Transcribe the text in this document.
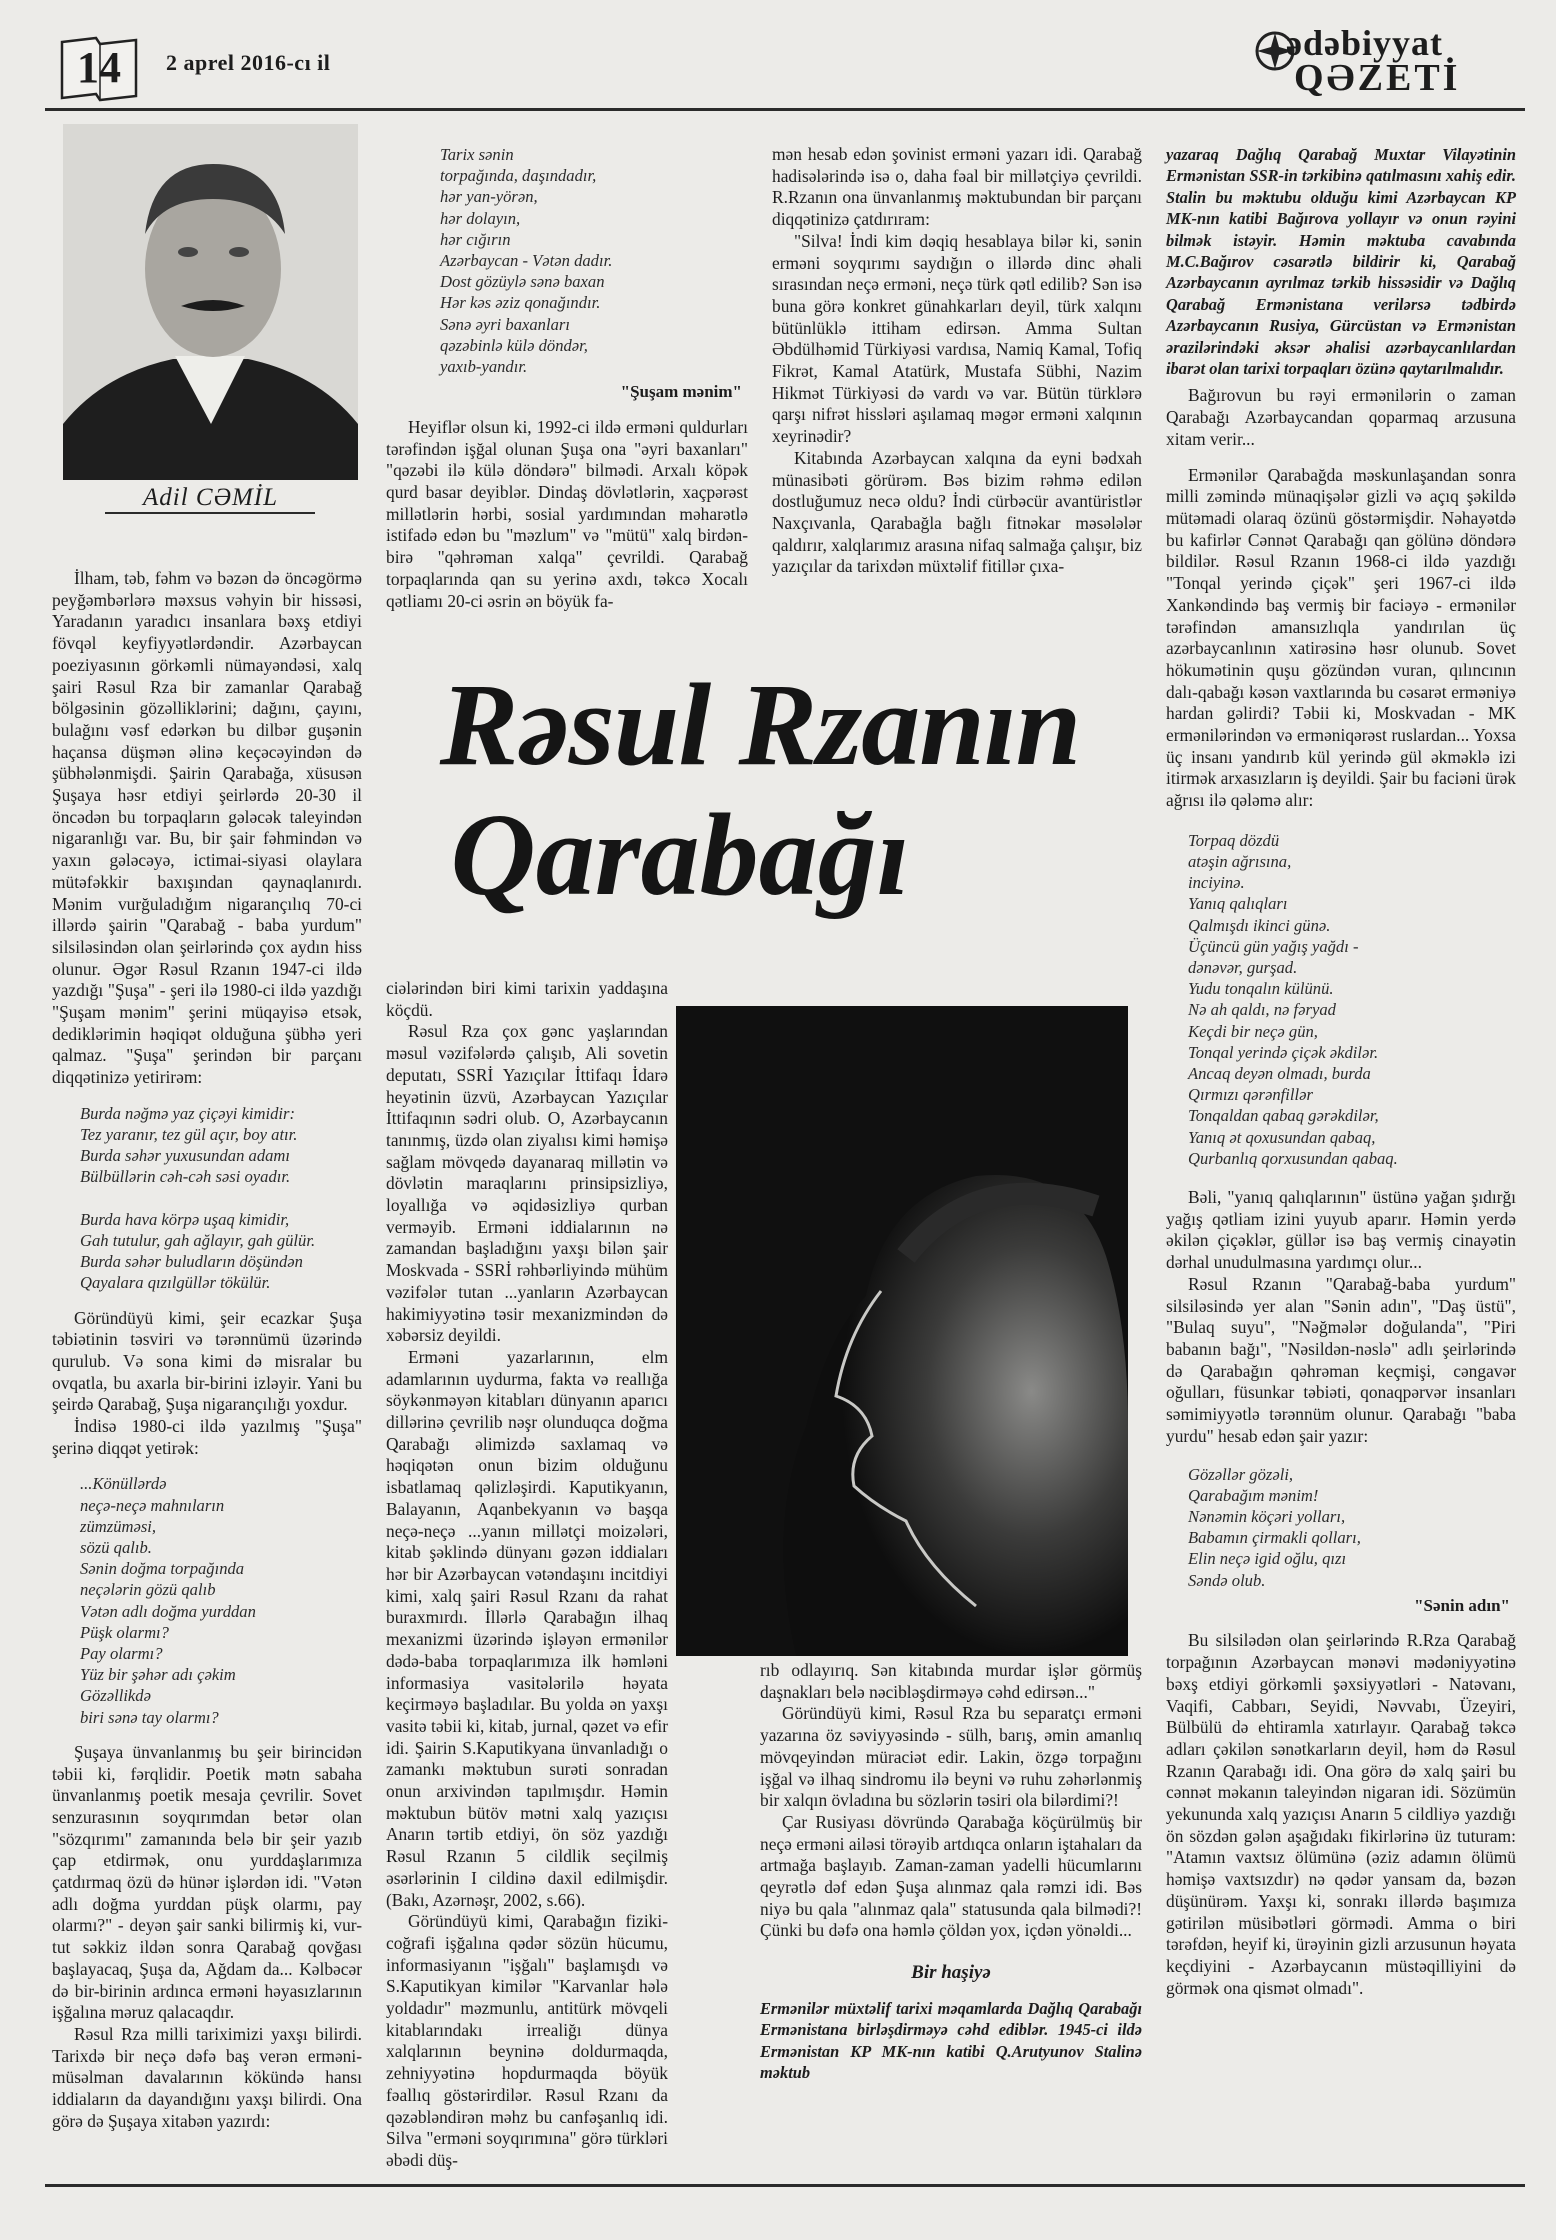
14	2 aprel 2016-cı il	ədəbiyyat
QƏZETİ
Adil CƏMİL
Rəsul Rzanın
Qarabağı

İlham, təb, fəhm və bəzən də öncəgörmə peyğəmbərlərə məxsus vəhyin bir hissəsi, Yaradanın yaradıcı insanlara bəxş etdiyi fövqəl keyfiyyətlərdəndir. Azərbaycan poeziyasının görkəmli nümayəndəsi, xalq şairi Rəsul Rza bir zamanlar Qarabağ bölgəsinin gözəlliklərini; dağını, çayını, bulağını vəsf edərkən bu dilbər guşənin haçansa düşmən əlinə keçəcəyindən də şübhələnmişdi. Şairin Qarabağa, xüsusən Şuşaya həsr etdiyi şeirlərdə 20-30 il öncədən bu torpaqların gələcək taleyindən nigaranlığı var. Bu, bir şair fəhmindən və yaxın gələcəyə, ictimai-siyasi olaylara mütəfəkkir baxışından qaynaqlanırdı. Mənim vurğuladığım nigarançılıq 70-ci illərdə şairin "Qarabağ - baba yurdum" silsiləsindən olan şeirlərində çox aydın hiss olunur. Əgər Rəsul Rzanın 1947-ci ildə yazdığı "Şuşa" - şeri ilə 1980-ci ildə yazdığı "Şuşam mənim" şerini müqayisə etsək, dediklərimin həqiqət olduğuna şübhə yeri qalmaz. "Şuşa" şerindən bir parçanı diqqətinizə yetirirəm:

Burda nəğmə yaz çiçəyi kimidir:
Tez yaranır, tez gül açır, boy atır.
Burda səhər yuxusundan adamı
Bülbüllərin cəh-cəh səsi oyadır.
Burda hava körpə uşaq kimidir,
Gah tutulur, gah ağlayır, gah gülür.
Burda səhər buludların döşündən
Qayalara qızılgüllər tökülür.

Göründüyü kimi, şeir ecazkar Şuşa təbiətinin təsviri və tərənnümü üzərində qurulub. Və sona kimi də misralar bu ovqatla, bu axarla bir-birini izləyir. Yani bu şeirdə Qarabağ, Şuşa nigarançılığı yoxdur.

İndisə 1980-ci ildə yazılmış "Şuşa" şerinə diqqət yetirək:

...Könüllərdə
neçə-neçə mahnıların
zümzüməsi,
sözü qalıb.
Sənin doğma torpağında
neçələrin gözü qalıb
Vətən adlı doğma yurddan
Püşk olarmı?
Pay olarmı?
Yüz bir şəhər adı çəkim
Gözəllikdə
biri sənə tay olarmı?

Şuşaya ünvanlanmış bu şeir birincidən təbii ki, fərqlidir. Poetik mətn sabaha ünvanlanmış poetik mesaja çevrilir. Sovet senzurasının soyqırımdan betər olan "sözqırımı" zamanında belə bir şeir yazıb çap etdirmək, onu yurddaşlarımıza çatdırmaq özü də hünər işlərdən idi. "Vətən adlı doğma yurddan püşk olarmı, pay olarmı?" - deyən şair sanki bilirmiş ki, vur-tut səkkiz ildən sonra Qarabağ qovğası başlayacaq, Şuşa da, Ağdam da... Kəlbəcər də bir-birinin ardınca erməni həyasızlarının işğalına məruz qalacaqdır.

Rəsul Rza milli tariximizi yaxşı bilirdi. Tarixdə bir neçə dəfə baş verən erməni-müsəlman davalarının kökündə hansı iddiaların da dayandığını yaxşı bilirdi. Ona görə də Şuşaya xitabən yazırdı:

Tarix sənin
torpağında, daşındadır,
hər yan-yörən,
hər dolayın,
hər cığırın
Azərbaycan - Vətən dadır.
Dost gözüylə sənə baxan
Hər kəs əziz qonağındır.
Sənə əyri baxanları
qəzəbinlə külə döndər,
yaxıb-yandır.
"Şuşam mənim"

Heyiflər olsun ki, 1992-ci ildə erməni quldurları tərəfindən işğal olunan Şuşa ona "əyri baxanları" "qəzəbi ilə külə döndərə" bilmədi. Arxalı köpək qurd basar deyiblər. Dindaş dövlətlərin, xaçpərəst millətlərin hərbi, sosial yardımından məharətlə istifadə edən bu "məzlum" və "mütü" xalq birdən-birə "qəhrəman xalqa" çevrildi. Qarabağ torpaqlarında qan su yerinə axdı, təkcə Xocalı qətliamı 20-ci əsrin ən böyük fa-

mən hesab edən şovinist erməni yazarı idi. Qarabağ hadisələrində isə o, daha fəal bir millətçiyə çevrildi. R.Rzanın ona ünvanlanmış məktubundan bir parçanı diqqətinizə çatdırıram:

"Silva! İndi kim dəqiq hesablaya bilər ki, sənin erməni soyqırımı saydığın o illərdə dinc əhali sırasından neçə erməni, neçə türk qətl edilib? Sən isə buna görə konkret günahkarları deyil, türk xalqını bütünlüklə ittiham edirsən. Amma Sultan Əbdülhəmid Türkiyəsi vardısa, Namiq Kamal, Tofiq Fikrət, Kamal Atatürk, Mustafa Sübhi, Nazim Hikmət Türkiyəsi də vardı və var. Bütün türklərə qarşı nifrət hissləri aşılamaq məgər erməni xalqının xeyrinədir?

Kitabında Azərbaycan xalqına da eyni bədxah münasibəti görürəm. Bəs bizim rəhmə edilən dostluğumuz necə oldu? İndi cürbəcür avantüristlər Naxçıvanla, Qarabağla bağlı fitnəkar məsələlər qaldırır, xalqlarımız arasına nifaq salmağa çalışır, biz yazıçılar da tarixdən müxtəlif fitillər çıxa-

ciələrindən biri kimi tarixin yaddaşına köçdü.

Rəsul Rza çox gənc yaşlarından məsul vəzifələrdə çalışıb, Ali sovetin deputatı, SSRİ Yazıçılar İttifaqı İdarə heyətinin üzvü, Azərbaycan Yazıçılar İttifaqının sədri olub. O, Azərbaycanın tanınmış, üzdə olan ziyalısı kimi həmişə sağlam mövqedə dayanaraq millətin və dövlətin maraqlarını prinsipsizliyə, loyallığa və əqidəsizliyə qurban verməyib. Erməni iddialarının nə zamandan başladığını yaxşı bilən şair Moskvada - SSRİ rəhbərliyində mühüm vəzifələr tutan ...yanların Azərbaycan hakimiyyətinə təsir mexanizmindən də xəbərsiz deyildi.

Erməni yazarlarının, elm adamlarının uydurma, fakta və reallığa söykənməyən kitabları dünyanın aparıcı dillərinə çevrilib nəşr olunduqca doğma Qarabağı əlimizdə saxlamaq və həqiqətən onun bizim olduğunu isbatlamaq qəlizləşirdi. Kaputikyanın, Balayanın, Aqanbekyanın və başqa neçə-neçə ...yanın millətçi moizələri, kitab şəklində dünyanı gəzən iddiaları hər bir Azərbaycan vətəndaşını incitdiyi kimi, xalq şairi Rəsul Rzanı da rahat buraxmırdı. İllərlə Qarabağın ilhaq mexanizmi üzərində işləyən ermənilər dədə-baba torpaqlarımıza ilk həmləni informasiya vasitələrilə həyata keçirməyə başladılar. Bu yolda ən yaxşı vasitə təbii ki, kitab, jurnal, qəzet və efir idi. Şairin S.Kaputikyana ünvanladığı o zamankı məktubun surəti sonradan onun arxivindən tapılmışdır. Həmin məktubun bütöv mətni xalq yazıçısı Anarın tərtib etdiyi, ön söz yazdığı Rəsul Rzanın 5 cildlik seçilmiş əsərlərinin I cildinə daxil edilmişdir. (Bakı, Azərnəşr, 2002, s.66).

Göründüyü kimi, Qarabağın fiziki-coğrafi işğalına qədər sözün hücumu, informasiyanın "işğalı" başlamışdı və S.Kaputikyan kimilər "Karvanlar hələ yoldadır" məzmunlu, antitürk mövqeli kitablarındakı irrealiğı dünya xalqlarının beyninə doldurmaqda, zehniyyətinə hopdurmaqda böyük fəallıq göstərirdilər. Rəsul Rzanı da qəzəbləndirən məhz bu canfəşanlıq idi. Silva "erməni soyqırımına" görə türkləri əbədi düş-

rıb odlayırıq. Sən kitabında murdar işlər görmüş daşnakları belə nəcibləşdirməyə cəhd edirsən..."

Göründüyü kimi, Rəsul Rza bu separatçı erməni yazarına öz səviyyəsində - sülh, barış, əmin amanlıq mövqeyindən müraciət edir. Lakin, özgə torpağını işğal və ilhaq sindromu ilə beyni və ruhu zəhərlənmiş bir xalqın övladına bu sözlərin təsiri ola bilərdimi?!

Çar Rusiyası dövründə Qarabağa köçürülmüş bir neçə erməni ailəsi törəyib artdıqca onların iştahaları da artmağa başlayıb. Zaman-zaman yadelli hücumlarını qeyrətlə dəf edən Şuşa alınmaz qala rəmzi idi. Bəs niyə bu qala "alınmaz qala" statusunda qala bilmədi?! Çünki bu dəfə ona həmlə çöldən yox, içdən yönəldi...

Bir haşiyə
Ermənilər müxtəlif tarixi məqamlarda Dağlıq Qarabağı Ermənistana birləşdirməyə cəhd ediblər. 1945-ci ildə Ermənistan KP MK-nın katibi Q.Arutyunov Stalinə məktub
yazaraq Dağlıq Qarabağ Muxtar Vilayətinin Ermənistan SSR-in tərkibinə qatılmasını xahiş edir. Stalin bu məktubu olduğu kimi Azərbaycan KP MK-nın katibi Bağırova yollayır və onun rəyini bilmək istəyir. Həmin məktuba cavabında M.C.Bağırov cəsarətlə bildirir ki, Qarabağ Azərbaycanın ayrılmaz tərkib hissəsidir və Dağlıq Qarabağ Ermənistana verilərsə tədbirdə Azərbaycanın Rusiya, Gürcüstan və Ermənistan ərazilərindəki əksər əhalisi azərbaycanlılardan ibarət olan tarixi torpaqları özünə qaytarılmalıdır.

Bağırovun bu rəyi ermənilərin o zaman Qarabağı Azərbaycandan qoparmaq arzusuna xitam verir...

Ermənilər Qarabağda məskunlaşandan sonra milli zəmində münaqişələr gizli və açıq şəkildə mütəmadi olaraq özünü göstərmişdir. Nəhayətdə bu kafirlər Cənnət Qarabağı qan gölünə döndərə bildilər. Rəsul Rzanın 1968-ci ildə yazdığı "Tonqal yerində çiçək" şeri 1967-ci ildə Xankəndində baş vermiş bir faciəyə - ermənilər tərəfindən amansızlıqla yandırılan üç azərbaycanlının xatirəsinə həsr olunub. Sovet hökumətinin quşu gözündən vuran, qılıncının dalı-qabağı kəsən vaxtlarında bu cəsarət erməniyə hardan gəlirdi? Təbii ki, Moskvadan - MK ermənilərindən və erməniqərəst ruslardan... Yoxsa üç insanı yandırıb kül yerində gül əkməklə izi itirmək arxasızların iş deyildi. Şair bu faciəni ürək ağrısı ilə qələmə alır:

Torpaq dözdü
atəşin ağrısına,
inciyinə.
Yanıq qalıqları
Qalmışdı ikinci günə.
Üçüncü gün yağış yağdı -
dənəvər, gurşad.
Yudu tonqalın külünü.
Nə ah qaldı, nə fəryad
Keçdi bir neçə gün,
Tonqal yerində çiçək əkdilər.
Ancaq deyən olmadı, burda
Qırmızı qərənfillər
Tonqaldan qabaq gərəkdilər,
Yanıq ət qoxusundan qabaq,
Qurbanlıq qorxusundan qabaq.

Bəli, "yanıq qalıqlarının" üstünə yağan şıdırğı yağış qətliam izini yuyub aparır. Həmin yerdə əkilən çiçəklər, güllər isə baş vermiş cinayətin dərhal unudulmasına yardımçı olur...

Rəsul Rzanın "Qarabağ-baba yurdum" silsiləsində yer alan "Sənin adın", "Daş üstü", "Bulaq suyu", "Nəğmələr doğulanda", "Piri babanın bağı", "Nəsildən-nəslə" adlı şeirlərində də Qarabağın qəhrəman keçmişi, cəngavər oğulları, füsunkar təbiəti, qonaqpərvər insanları səmimiyyətlə tərənnüm olunur. Qarabağı "baba yurdu" hesab edən şair yazır:

Gözəllər gözəli,
Qarabağım mənim!
Nənəmin köçəri yolları,
Babamın çirmakli qolları,
Elin neçə igid oğlu, qızı
Səndə olub.
"Sənin adın"

Bu silsilədən olan şeirlərində R.Rza Qarabağ torpağının Azərbaycan mənəvi mədəniyyətinə bəxş etdiyi görkəmli şəxsiyyətləri - Natəvanı, Vaqifi, Cabbarı, Seyidi, Nəvvabı, Üzeyiri, Bülbülü də ehtiramla xatırlayır. Qarabağ təkcə adları çəkilən sənətkarların deyil, həm də Rəsul Rzanın Qarabağı idi. Ona görə də xalq şairi bu cənnət məkanın taleyindən nigaran idi. Sözümün yekununda xalq yazıçısı Anarın 5 cildliyə yazdığı ön sözdən gələn aşağıdakı fikirlərinə üz tuturam: "Atamın vaxtsız ölümünə (əziz adamın ölümü həmişə vaxtsızdır) nə qədər yansam da, bəzən düşünürəm. Yaxşı ki, sonrakı illərdə başımıza gətirilən müsibətləri görmədi. Amma o biri tərəfdən, heyif ki, ürəyinin gizli arzusunun həyata keçdiyini - Azərbaycanın müstəqilliyini də görmək ona qismət olmadı".
